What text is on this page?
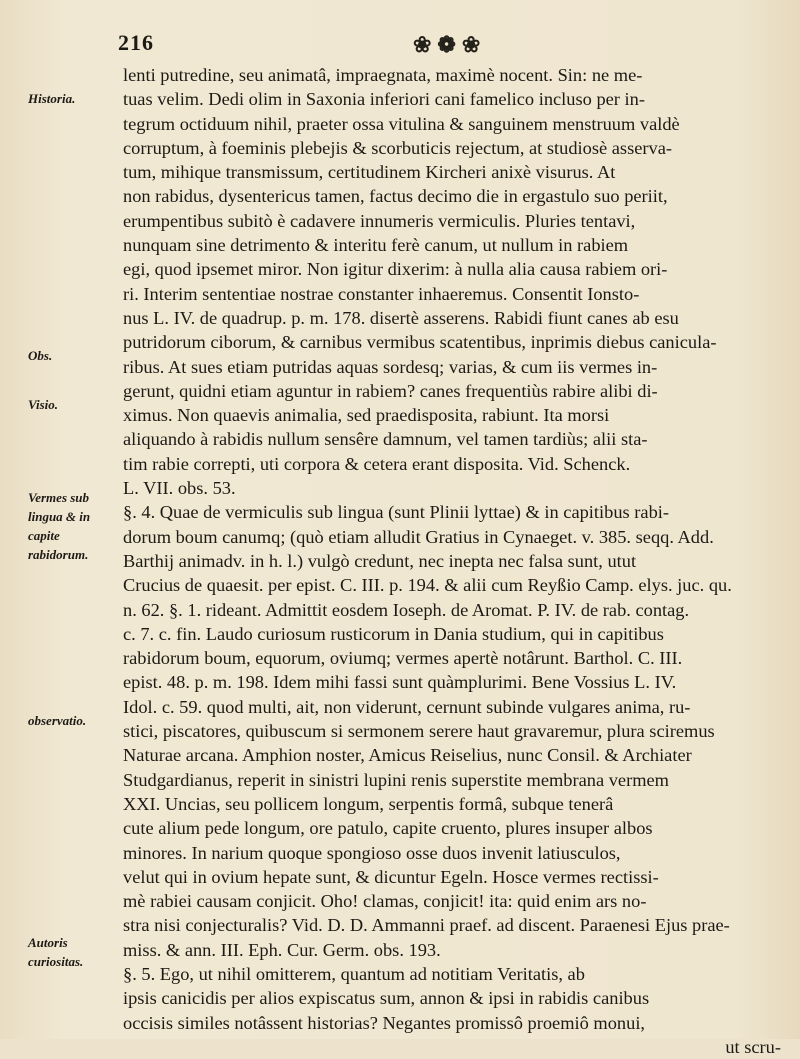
216	❀❁❀
Historia.
Obs.
Visio.
Vermes sub lingua & in capite rabidorum.
observatio.
Autoris curiositas.
lenti putredine, seu animatâ, impraegnata, maximè nocent. Sin: ne me-
tuas velim. Dedi olim in Saxonia inferiori cani famelico incluso per in-
tegrum octiduum nihil, praeter ossa vitulina & sanguinem menstruum valdè
corruptum, à foeminis plebejis & scorbuticis rejectum, at studiosè asserva-
tum, mihique transmissum, certitudinem Kircheri anixè visurus. At
non rabidus, dysentericus tamen, factus decimo die in ergastulo suo periit,
erumpentibus subitò è cadavere innumeris vermiculis. Pluries tentavi,
nunquam sine detrimento & interitu ferè canum, ut nullum in rabiem
egi, quod ipsemet miror. Non igitur dixerim: à nulla alia causa rabiem ori-
ri. Interim sententiae nostrae constanter inhaeremus. Consentit Ionsto-
nus L. IV. de quadrup. p. m. 178. disertè asserens. Rabidi fiunt canes ab esu
putridorum ciborum, & carnibus vermibus scatentibus, inprimis diebus canicula-
ribus. At sues etiam putridas aquas sordesq; varias, & cum iis vermes in-
gerunt, quidni etiam aguntur in rabiem? canes frequentiùs rabire alibi di-
ximus. Non quaevis animalia, sed praedisposita, rabiunt. Ita morsi
aliquando à rabidis nullum sensêre damnum, vel tamen tardiùs; alii sta-
tim rabie correpti, uti corpora & cetera erant disposita. Vid. Schenck.
L. VII. obs. 53.
§. 4. Quae de vermiculis sub lingua (sunt Plinii lyttae) & in capitibus rabi-
dorum boum canumq; (quò etiam alludit Gratius in Cynaeget. v. 385. seqq. Add.
Barthij animadv. in h. l.) vulgò credunt, nec inepta nec falsa sunt, utut
Crucius de quaesit. per epist. C. III. p. 194. & alii cum Reyßio Camp. elys. juc. qu.
n. 62. §. 1. rideant. Admittit eosdem Ioseph. de Aromat. P. IV. de rab. contag.
c. 7. c. fin. Laudo curiosum rusticorum in Dania studium, qui in capitibus
rabidorum boum, equorum, oviumq; vermes apertè notârunt. Barthol. C. III.
epist. 48. p. m. 198. Idem mihi fassi sunt quàmplurimi. Bene Vossius L. IV.
Idol. c. 59. quod multi, ait, non viderunt, cernunt subinde vulgares anima, ru-
stici, piscatores, quibuscum si sermonem serere haut gravaremur, plura sciremus
Naturae arcana. Amphion noster, Amicus Reiselius, nunc Consil. & Archiater
Studgardianus, reperit in sinistri lupini renis superstite membrana vermem
XXI. Uncias, seu pollicem longum, serpentis formâ, subque tenerâ
cute alium pede longum, ore patulo, capite cruento, plures insuper albos
minores. In narium quoque spongioso osse duos invenit latiusculos,
velut qui in ovium hepate sunt, & dicuntur Egeln. Hosce vermes rectissi-
mè rabiei causam conjicit. Oho! clamas, conjicit! ita: quid enim ars no-
stra nisi conjecturalis? Vid. D. D. Ammanni praef. ad discent. Paraenesi Ejus prae-
miss. & ann. III. Eph. Cur. Germ. obs. 193.
§. 5. Ego, ut nihil omitterem, quantum ad notitiam Veritatis, ab
ipsis canicidis per alios expiscatus sum, annon & ipsi in rabidis canibus
occisis similes notâssent historias? Negantes promissô proemiô monui,
ut scru-
